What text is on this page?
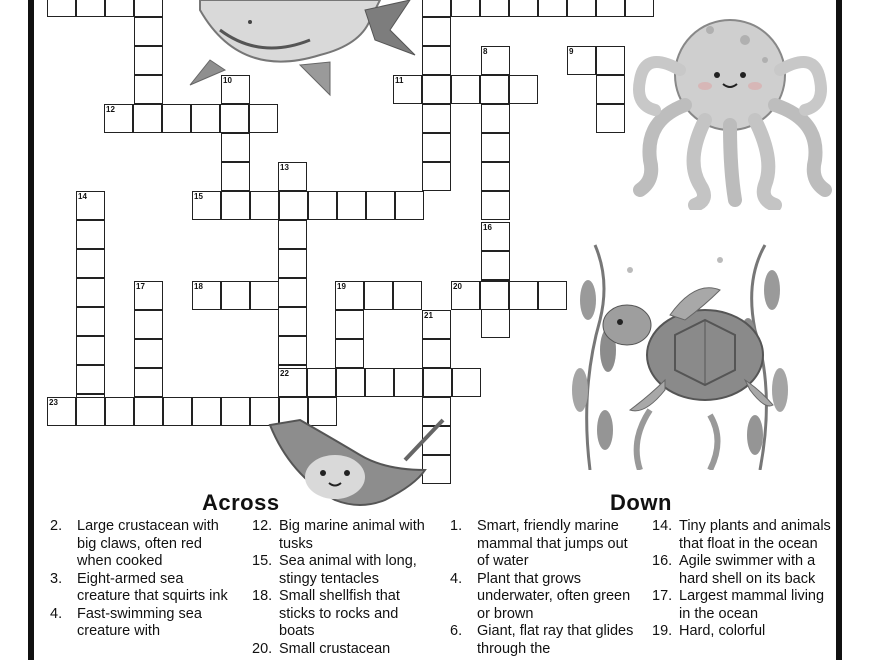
8	9
10	11
12
13
14	15
16
17	18	19	20
21
22
23
Across	Down
2.	Large crustacean with big claws, often red when cooked
3.	Eight-armed sea creature that squirts ink
4.	Fast-swimming sea creature with
12. Big marine animal with tusks
15. Sea animal with long, stingy tentacles
18. Small shellfish that sticks to rocks and boats
20. Small crustacean
1.	Smart, friendly marine mammal that jumps out of water
4.	Plant that grows underwater, often green or brown
6.	Giant, flat ray that glides through the
14. Tiny plants and animals that float in the ocean
16. Agile swimmer with a hard shell on its back
17. Largest mammal living in the ocean
19. Hard, colorful
